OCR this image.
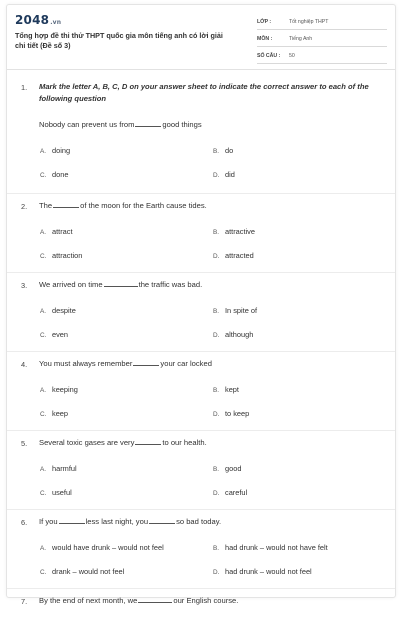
2048.vn
Tổng hợp đề thi thử THPT quốc gia môn tiếng anh có lời giải chi tiết (Đề số 3)
LỚP :	Tốt nghiệp THPT
MÔN :	Tiếng Anh
SỐ CÂU : 50
1. Mark the letter A, B, C, D on your answer sheet to indicate the correct answer to each of the following question
Nobody can prevent us from	good things
A. doing	B. do
C. done	D. did
2. The	of the moon for the Earth cause tides.
A. attract	B. attractive
C. attraction	D. attracted
3. We arrived on time	the traffic was bad.
A. despite	B. In spite of
C. even	D. although
4. You must always remember	your car locked
A. keeping	B. kept
C. keep	D. to keep
5. Several toxic gases are very	to our health.
A. harmful	B. good
C. useful	D. careful
6. If you	less last night, you	so bad today.
A. would have drunk – would not feel	B. had drunk – would not have felt
C. drank – would not feel	D. had drunk – would not feel
7. By the end of next month, we	our English course.
